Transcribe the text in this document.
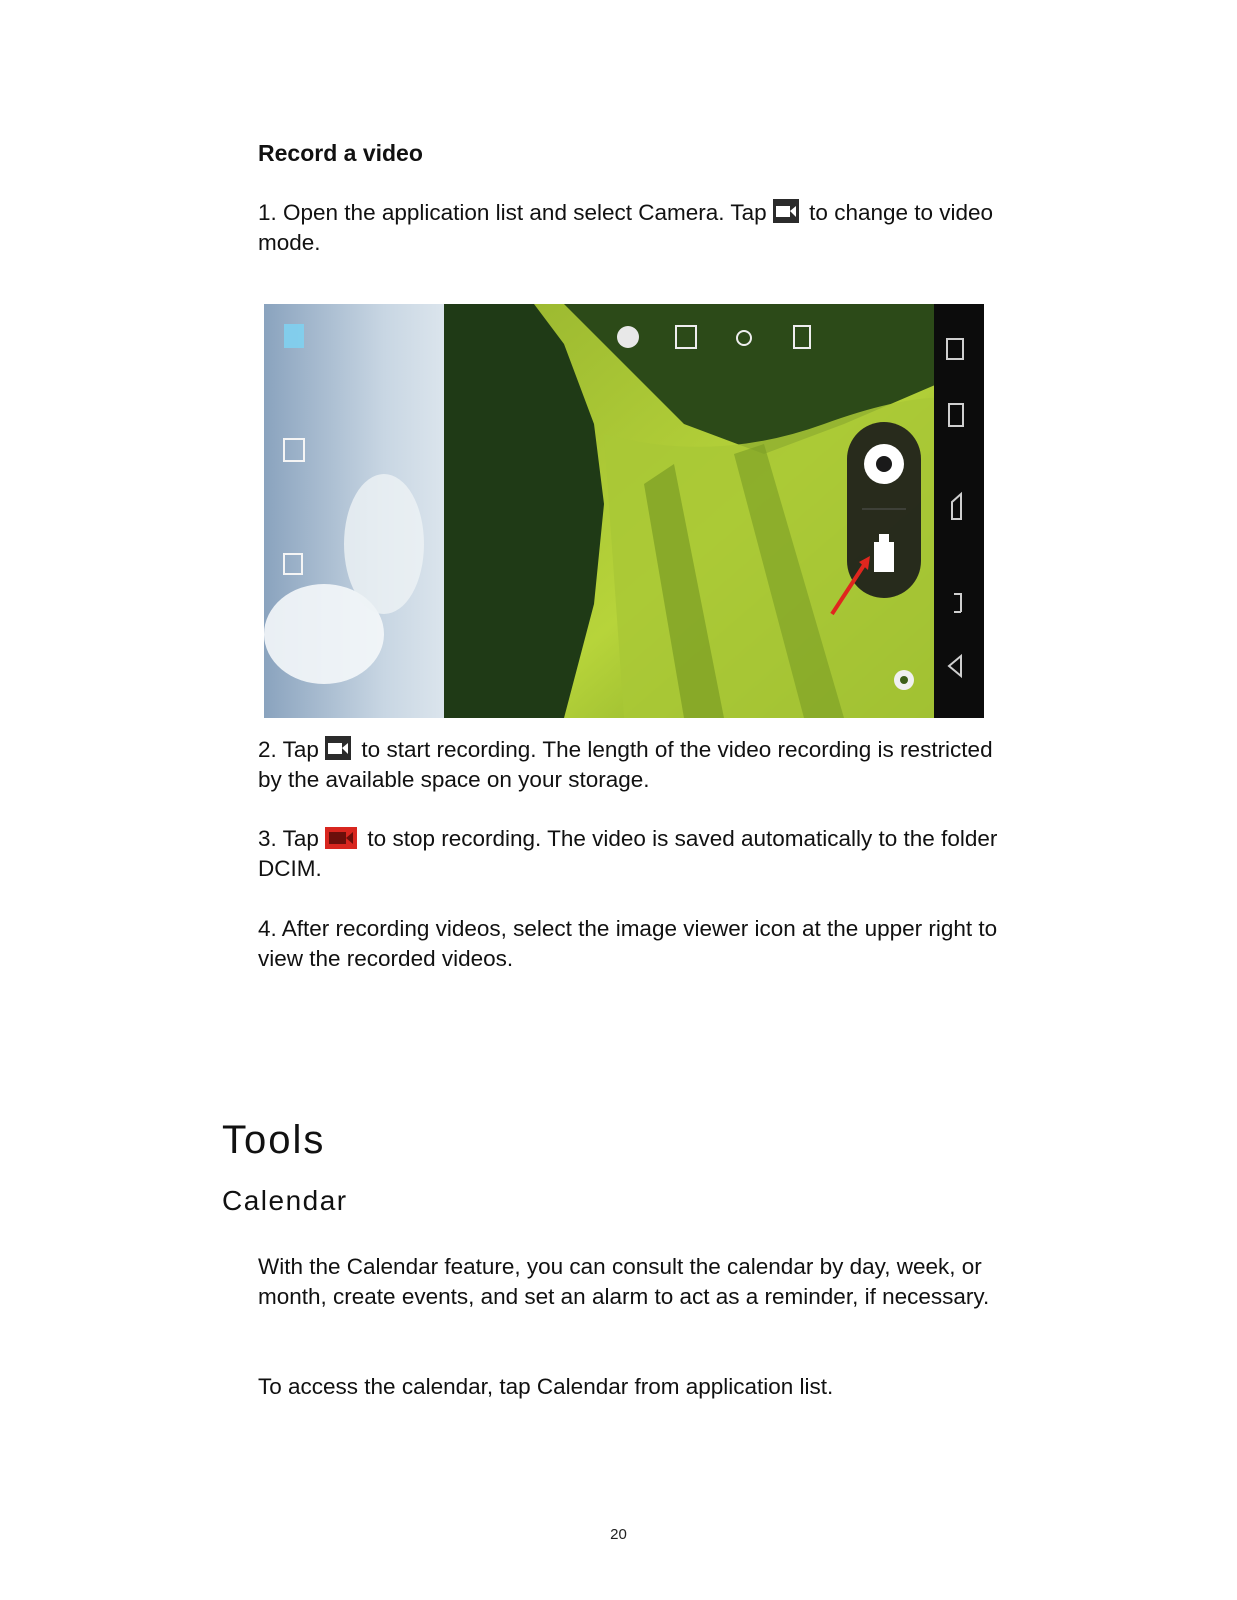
Record a video
1. Open the application list and select Camera. Tap to change to video mode.
2. Tap to start recording. The length of the video recording is restricted by the available space on your storage.
3. Tap to stop recording. The video is saved automatically to the folder DCIM.
4. After recording videos, select the image viewer icon at the upper right to view the recorded videos.
Tools
Calendar
With the Calendar feature, you can consult the calendar by day, week, or month, create events, and set an alarm to act as a reminder, if necessary.
To access the calendar, tap Calendar from application list.
20
